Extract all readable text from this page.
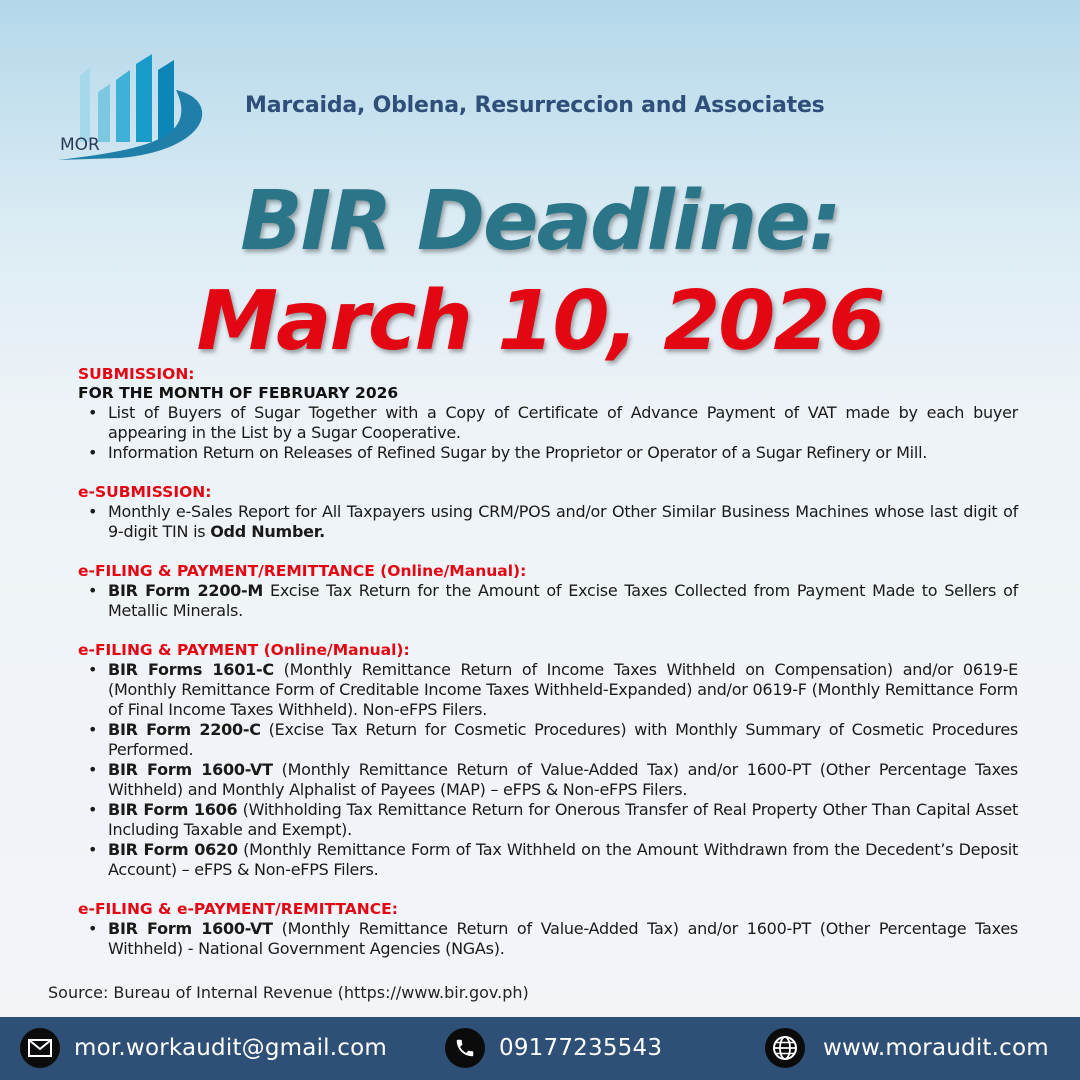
MOR
Marcaida, Oblena, Resurreccion and Associates
BIR Deadline:
March 10, 2026
SUBMISSION:
FOR THE MONTH OF FEBRUARY 2026
• List of Buyers of Sugar Together with a Copy of Certificate of Advance Payment of VAT made by each buyer appearing in the List by a Sugar Cooperative.
• Information Return on Releases of Refined Sugar by the Proprietor or Operator of a Sugar Refinery or Mill.
e-SUBMISSION:
• Monthly e-Sales Report for All Taxpayers using CRM/POS and/or Other Similar Business Machines whose last digit of 9-digit TIN is Odd Number.
e-FILING & PAYMENT/REMITTANCE (Online/Manual):
• BIR Form 2200-M Excise Tax Return for the Amount of Excise Taxes Collected from Payment Made to Sellers of Metallic Minerals.
e-FILING & PAYMENT (Online/Manual):
• BIR Forms 1601-C (Monthly Remittance Return of Income Taxes Withheld on Compensation) and/or 0619-E (Monthly Remittance Form of Creditable Income Taxes Withheld-Expanded) and/or 0619-F (Monthly Remittance Form of Final Income Taxes Withheld). Non-eFPS Filers.
• BIR Form 2200-C (Excise Tax Return for Cosmetic Procedures) with Monthly Summary of Cosmetic Procedures Performed.
• BIR Form 1600-VT (Monthly Remittance Return of Value-Added Tax) and/or 1600-PT (Other Percentage Taxes Withheld) and Monthly Alphalist of Payees (MAP) – eFPS & Non-eFPS Filers.
• BIR Form 1606 (Withholding Tax Remittance Return for Onerous Transfer of Real Property Other Than Capital Asset Including Taxable and Exempt).
• BIR Form 0620 (Monthly Remittance Form of Tax Withheld on the Amount Withdrawn from the Decedent’s Deposit Account) – eFPS & Non-eFPS Filers.
e-FILING & e-PAYMENT/REMITTANCE:
• BIR Form 1600-VT (Monthly Remittance Return of Value-Added Tax) and/or 1600-PT (Other Percentage Taxes Withheld) - National Government Agencies (NGAs).
Source: Bureau of Internal Revenue (https://www.bir.gov.ph)
mor.workaudit@gmail.com	09177235543	www.moraudit.com
